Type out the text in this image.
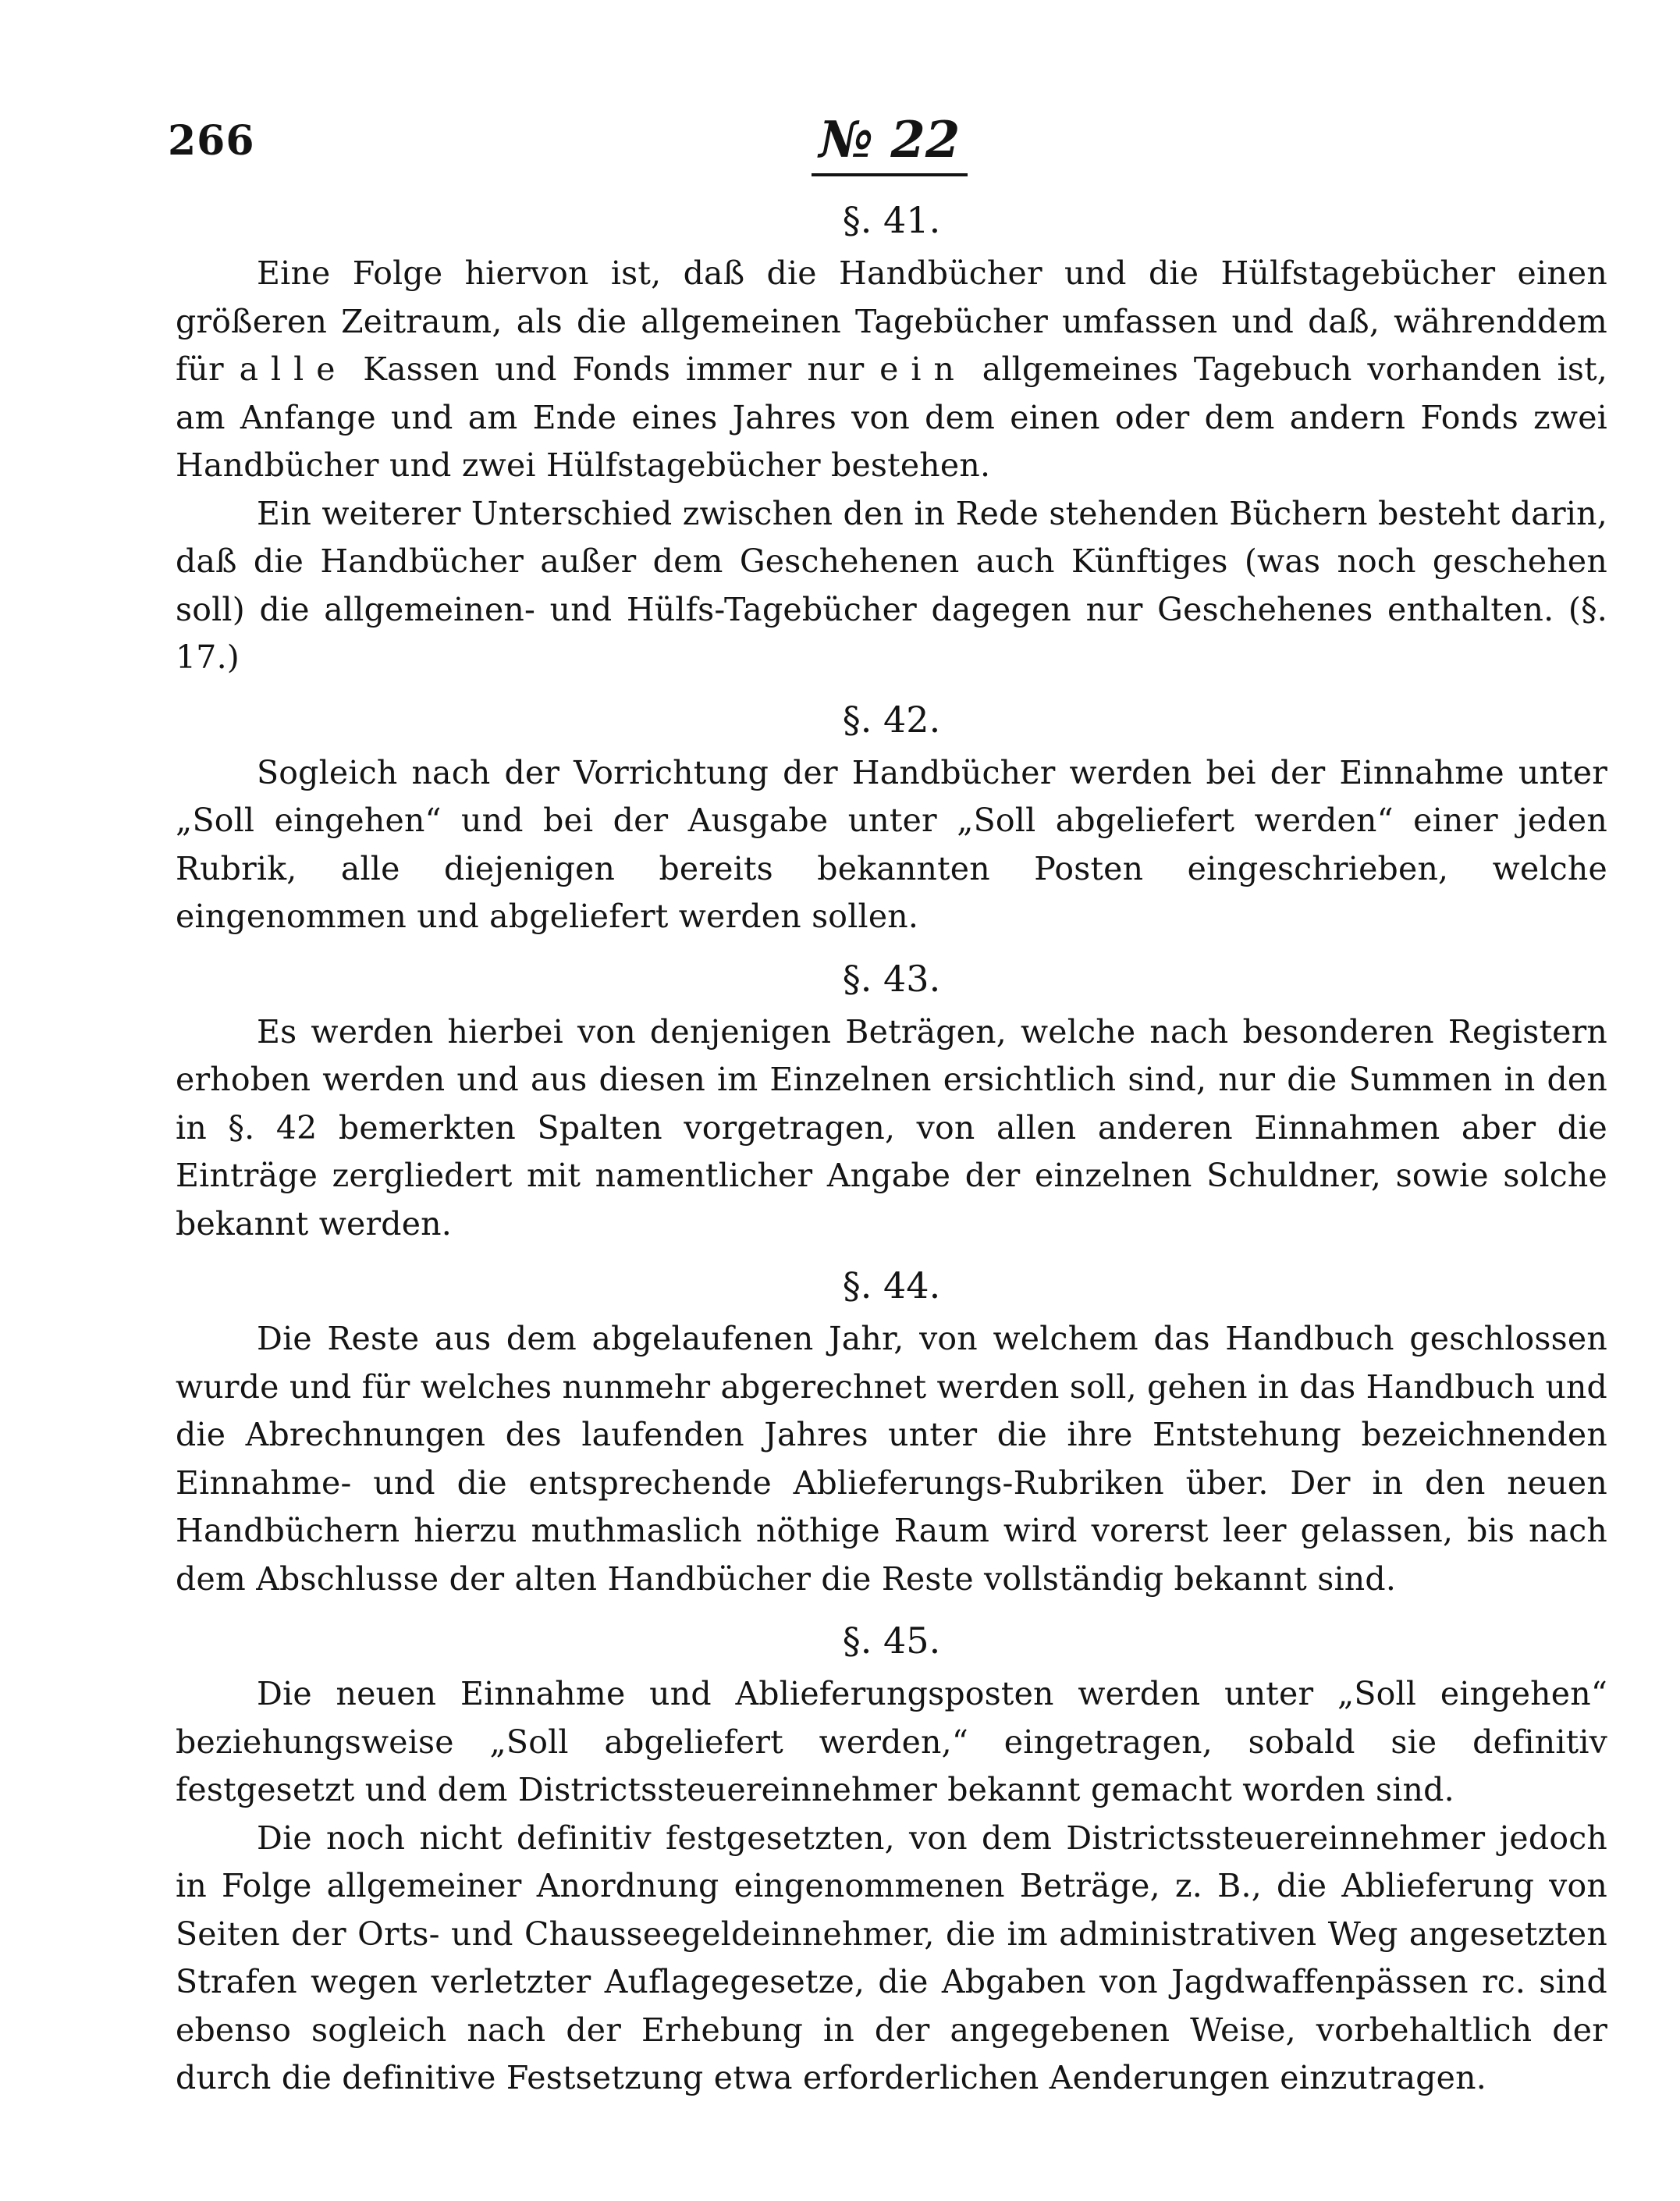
266	№ 22
§. 41.

Eine Folge hiervon ist, daß die Handbücher und die Hülfstagebücher einen größeren Zeitraum, als die allgemeinen Tagebücher umfassen und daß, währenddem für alle Kassen und Fonds immer nur ein allgemeines Tagebuch vorhanden ist, am Anfange und am Ende eines Jahres von dem einen oder dem andern Fonds zwei Handbücher und zwei Hülfstagebücher bestehen.

Ein weiterer Unterschied zwischen den in Rede stehenden Büchern besteht darin, daß die Handbücher außer dem Geschehenen auch Künftiges (was noch geschehen soll) die allgemeinen- und Hülfs-Tagebücher dagegen nur Geschehenes enthalten. (§. 17.)

§. 42.

Sogleich nach der Vorrichtung der Handbücher werden bei der Einnahme unter „Soll eingehen“ und bei der Ausgabe unter „Soll abgeliefert werden“ einer jeden Rubrik, alle diejenigen bereits bekannten Posten eingeschrieben, welche eingenommen und abgeliefert werden sollen.

§. 43.

Es werden hierbei von denjenigen Beträgen, welche nach besonderen Registern erhoben werden und aus diesen im Einzelnen ersichtlich sind, nur die Summen in den in §. 42 bemerkten Spalten vorgetragen, von allen anderen Einnahmen aber die Einträge zergliedert mit namentlicher Angabe der einzelnen Schuldner, sowie solche bekannt werden.

§. 44.

Die Reste aus dem abgelaufenen Jahr, von welchem das Handbuch geschlossen wurde und für welches nunmehr abgerechnet werden soll, gehen in das Handbuch und die Abrechnungen des laufenden Jahres unter die ihre Entstehung bezeichnenden Einnahme- und die entsprechende Ablieferungs-Rubriken über. Der in den neuen Handbüchern hierzu muthmaslich nöthige Raum wird vorerst leer gelassen, bis nach dem Abschlusse der alten Handbücher die Reste vollständig bekannt sind.

§. 45.

Die neuen Einnahme und Ablieferungsposten werden unter „Soll eingehen“ beziehungsweise „Soll abgeliefert werden,“ eingetragen, sobald sie definitiv festgesetzt und dem Districtssteuereinnehmer bekannt gemacht worden sind.

Die noch nicht definitiv festgesetzten, von dem Districtssteuereinnehmer jedoch in Folge allgemeiner Anordnung eingenommenen Beträge, z. B., die Ablieferung von Seiten der Orts- und Chausseegeldeinnehmer, die im administrativen Weg angesetzten Strafen wegen verletzter Auflagegesetze, die Abgaben von Jagdwaffenpässen rc. sind ebenso sogleich nach der Erhebung in der angegebenen Weise, vorbehaltlich der durch die definitive Festsetzung etwa erforderlichen Aenderungen einzutragen.
